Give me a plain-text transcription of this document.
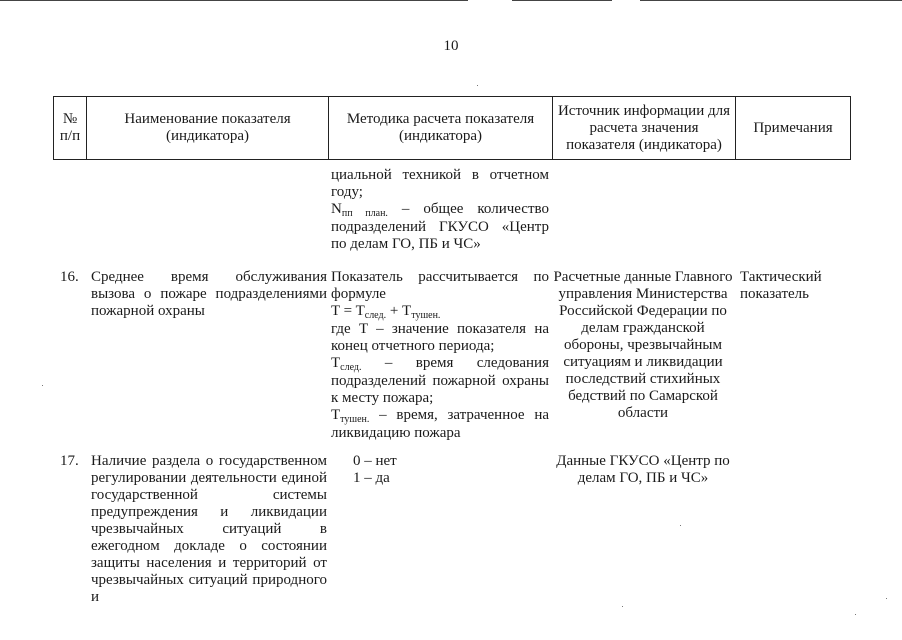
10
№ п/п
Наименование показателя (индикатора)
Методика расчета показателя (индикатора)
Источник информации для расчета значения показателя (индикатора)
Примечания
циальной техникой в отчетном году;
$N_{пп план.}$ – общее количество подразделений ГКУСО «Центр по делам ГО, ПБ и ЧС»
16. Среднее время обслуживания вызова о пожаре подразделениями пожарной охраны
Показатель рассчитывается по формуле
$T = T_{след.} + T_{тушен.}$
где T – значение показателя на конец отчетного периода;
$T_{след.}$ – время следования подразделений пожарной охраны к месту пожара;
$T_{тушен.}$ – время, затраченное на ликвидацию пожара
Расчетные данные Главного управления Министерства Российской Федерации по делам гражданской обороны, чрезвычайным ситуациям и ликвидации последствий стихийных бедствий по Самарской области
Тактический показатель
17. Наличие раздела о государственном регулировании деятельности единой государственной системы предупреждения и ликвидации чрезвычайных ситуаций в ежегодном докладе о состоянии защиты населения и территорий от чрезвычайных ситуаций природного и
0 – нет
1 – да
Данные ГКУСО «Центр по делам ГО, ПБ и ЧС»
